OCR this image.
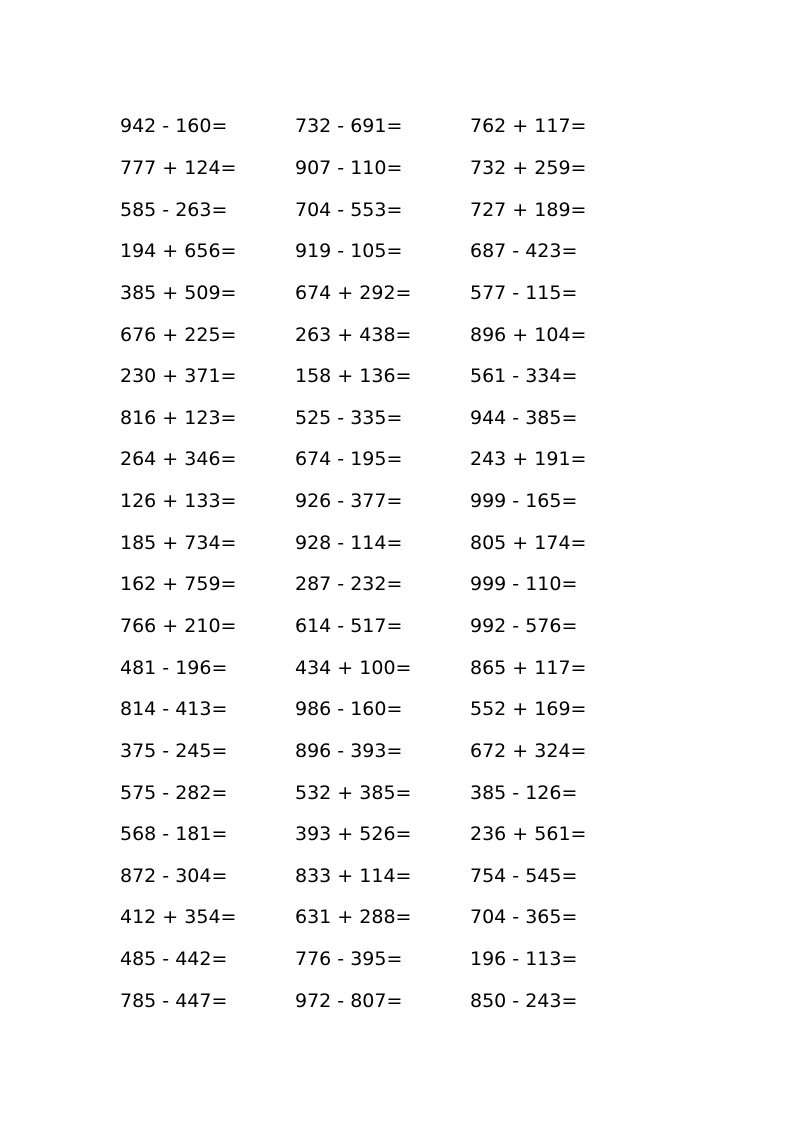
942 - 160=	732 - 691=	762 + 117=
777 + 124=	907 - 110=	732 + 259=
585 - 263=	704 - 553=	727 + 189=
194 + 656=	919 - 105=	687 - 423=
385 + 509=	674 + 292=	577 - 115=
676 + 225=	263 + 438=	896 + 104=
230 + 371=	158 + 136=	561 - 334=
816 + 123=	525 - 335=	944 - 385=
264 + 346=	674 - 195=	243 + 191=
126 + 133=	926 - 377=	999 - 165=
185 + 734=	928 - 114=	805 + 174=
162 + 759=	287 - 232=	999 - 110=
766 + 210=	614 - 517=	992 - 576=
481 - 196=	434 + 100=	865 + 117=
814 - 413=	986 - 160=	552 + 169=
375 - 245=	896 - 393=	672 + 324=
575 - 282=	532 + 385=	385 - 126=
568 - 181=	393 + 526=	236 + 561=
872 - 304=	833 + 114=	754 - 545=
412 + 354=	631 + 288=	704 - 365=
485 - 442=	776 - 395=	196 - 113=
785 - 447=	972 - 807=	850 - 243=
